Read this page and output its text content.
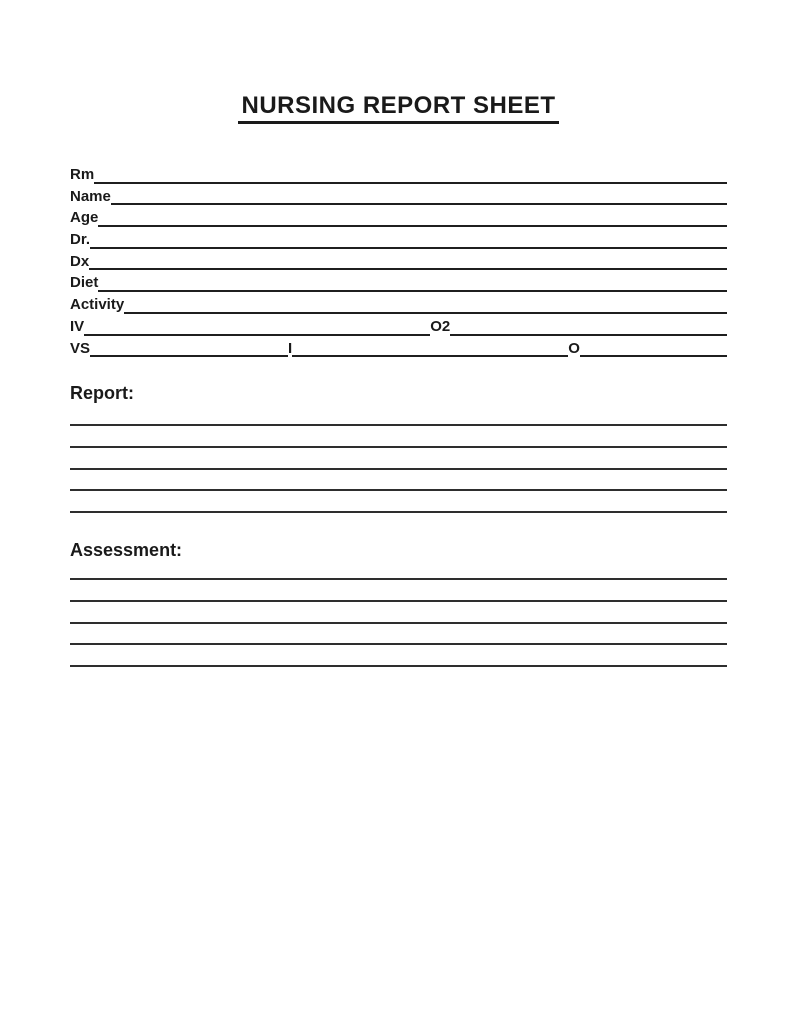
NURSING REPORT SHEET
Rm
Name
Age
Dr.
Dx
Diet
Activity
IV	O2
VS	I	O
Report:
Assessment:
